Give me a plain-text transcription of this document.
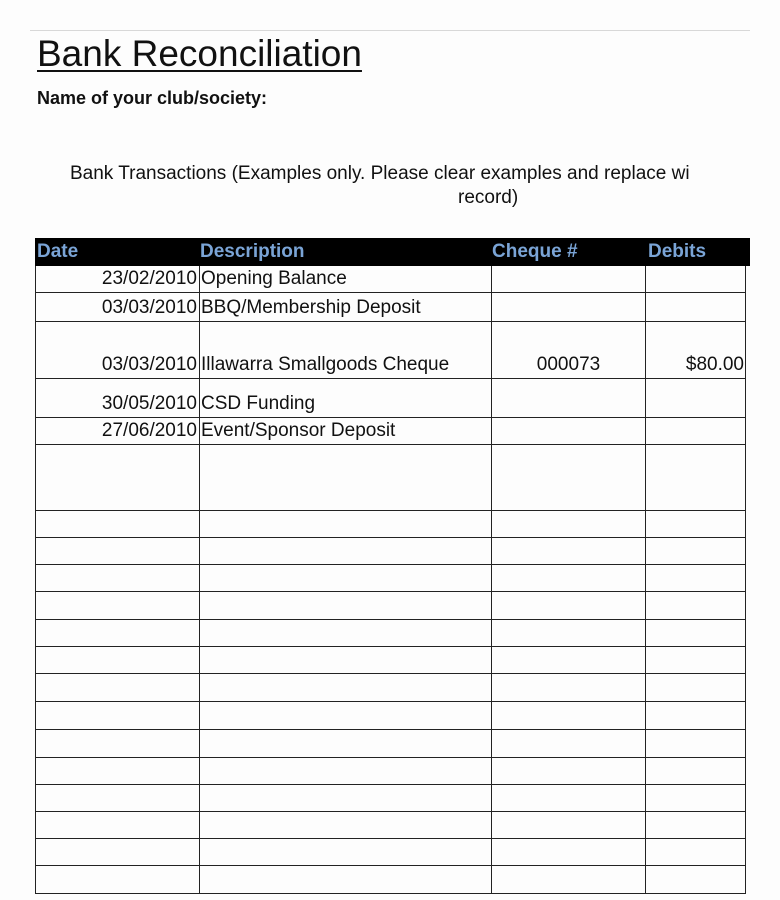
Bank Reconciliation
Name of your club/society:
Bank Transactions (Examples only. Please clear examples and replace wi
record)
Date	Description	Cheque #	Debits
23/02/2010 Opening Balance
03/03/2010 BBQ/Membership Deposit
03/03/2010 Illawarra Smallgoods Cheque	000073	$80.00
30/05/2010 CSD Funding
27/06/2010 Event/Sponsor Deposit
